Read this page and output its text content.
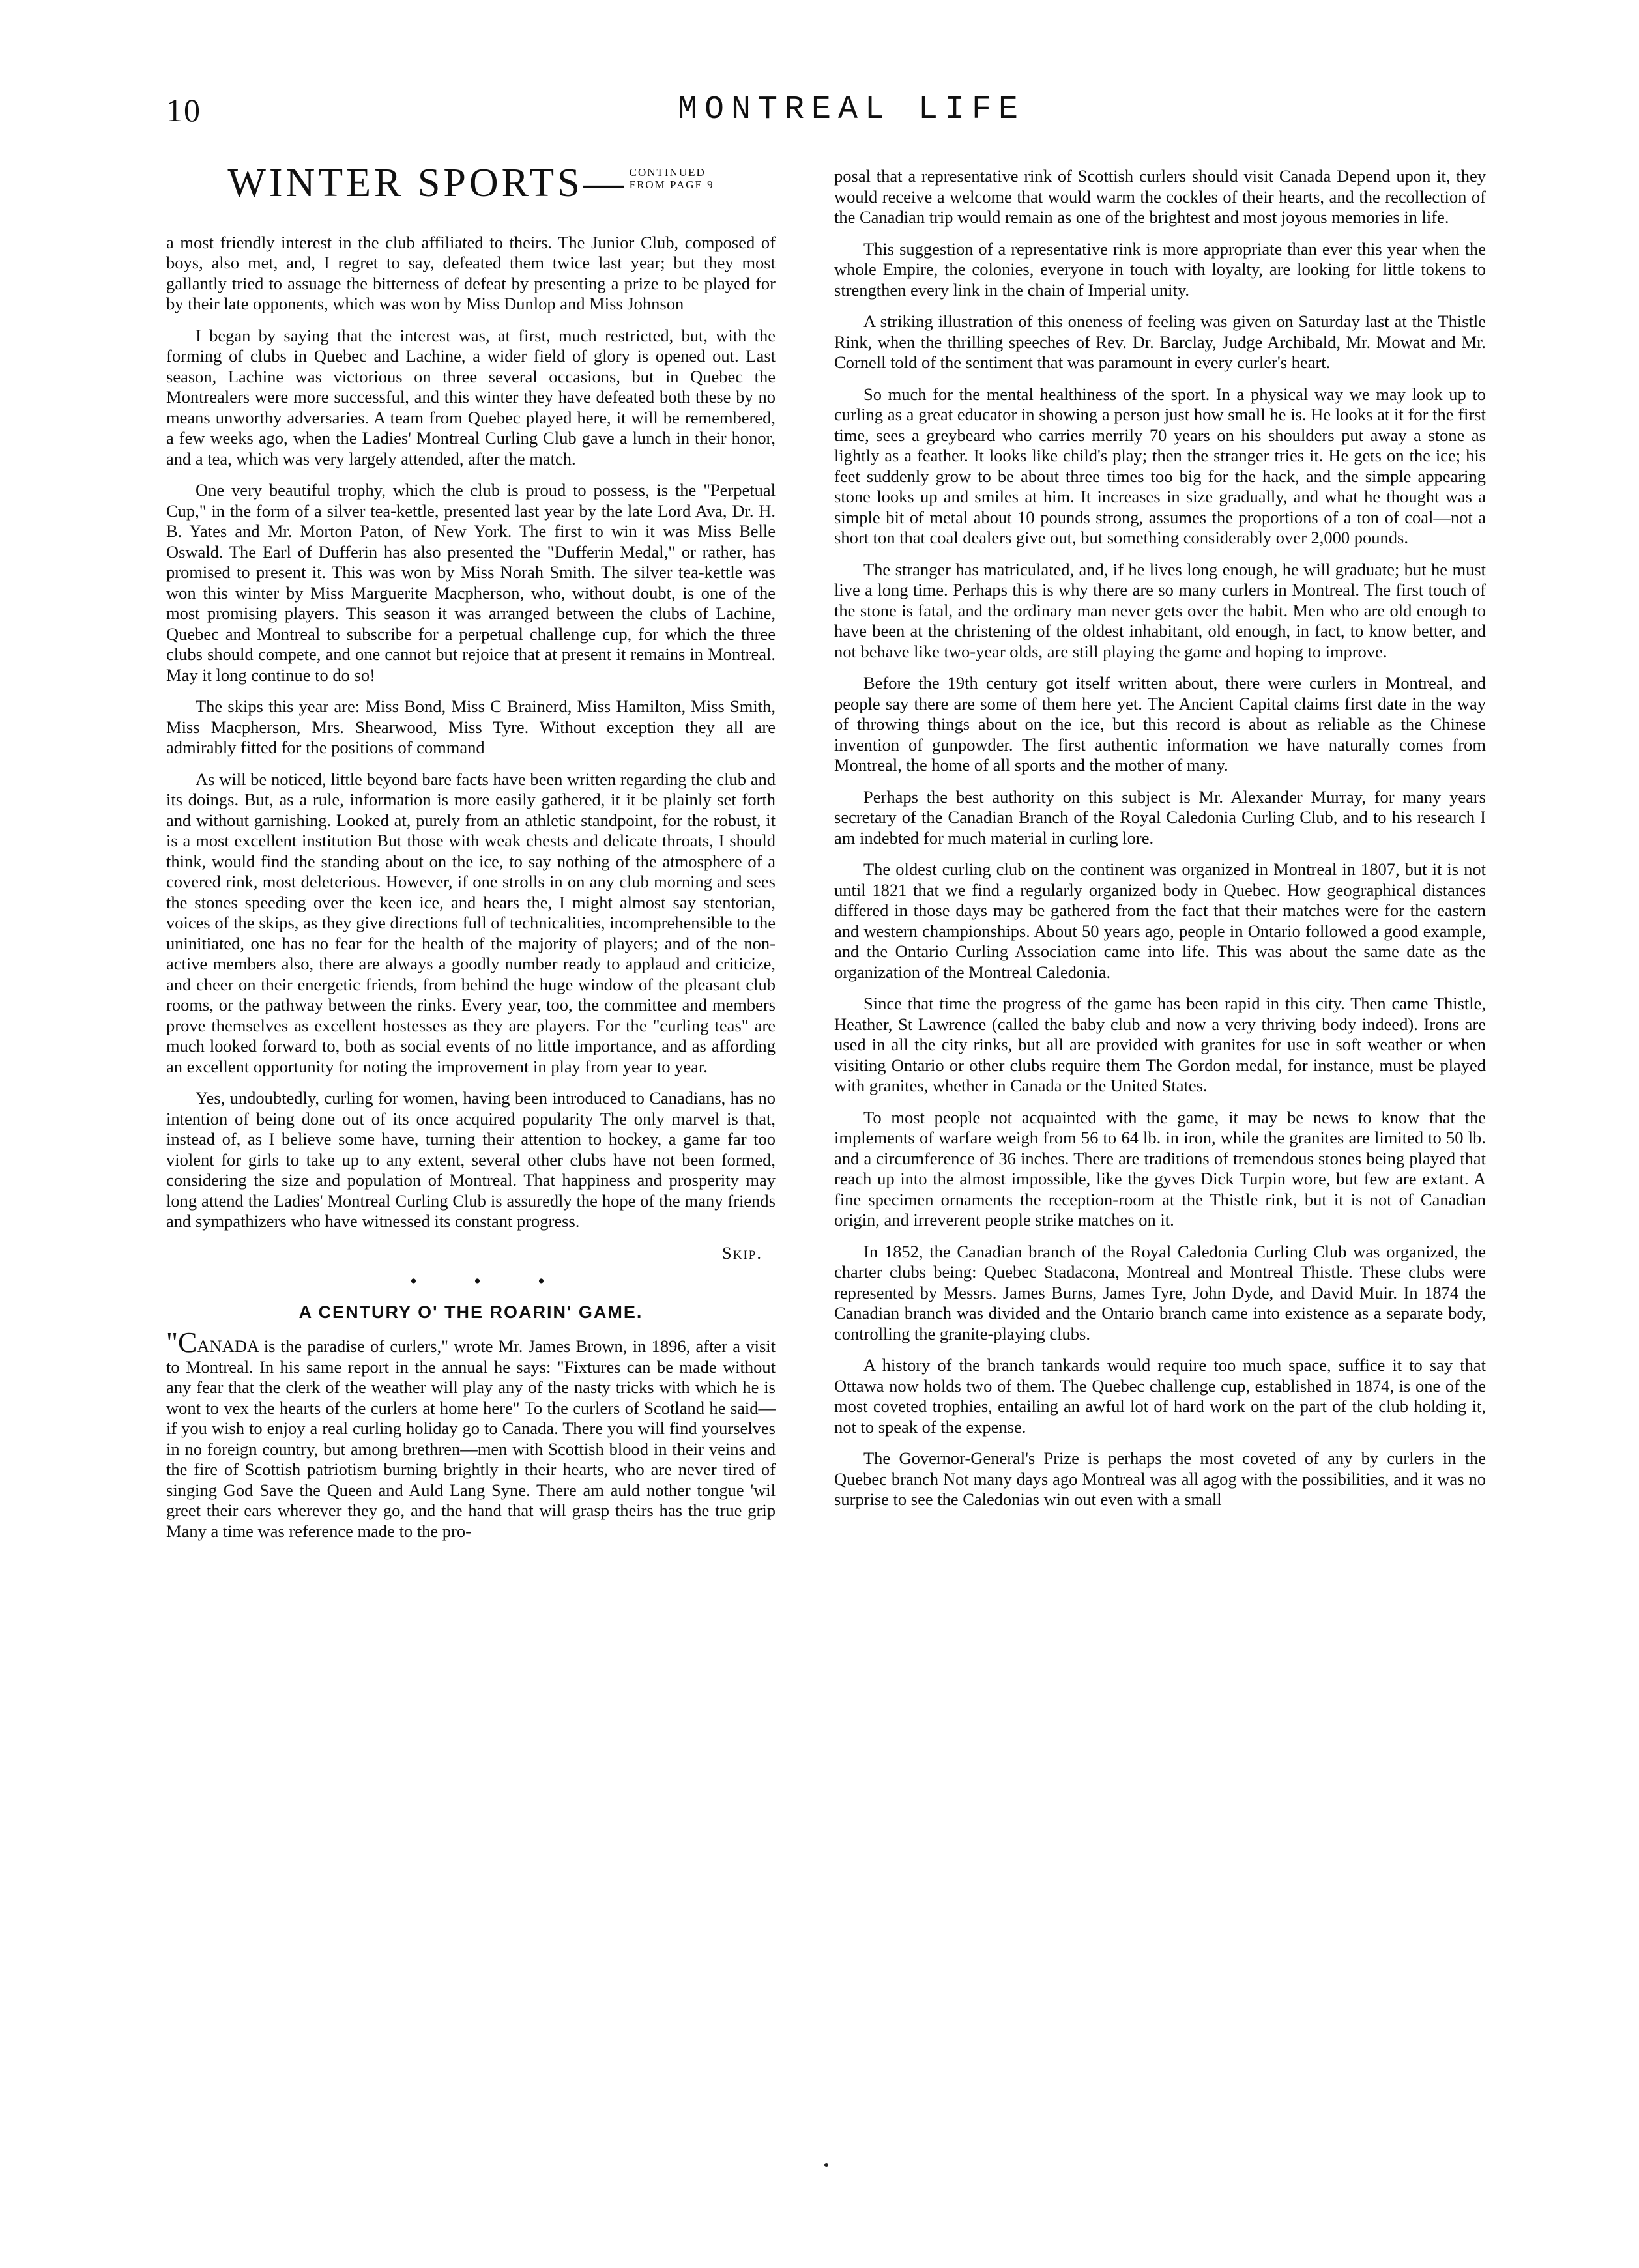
10	MONTREAL LIFE
WINTER SPORTS— CONTINUED
FROM PAGE 9

a most friendly interest in the club affiliated to theirs. The Junior Club, composed of boys, also met, and, I regret to say, defeated them twice last year; but they most gallantly tried to assuage the bitterness of defeat by presenting a prize to be played for by their late opponents, which was won by Miss Dunlop and Miss Johnson

I began by saying that the interest was, at first, much restricted, but, with the forming of clubs in Quebec and Lachine, a wider field of glory is opened out. Last season, Lachine was victorious on three several occasions, but in Quebec the Montrealers were more successful, and this winter they have defeated both these by no means unworthy adversaries. A team from Quebec played here, it will be remembered, a few weeks ago, when the Ladies' Montreal Curling Club gave a lunch in their honor, and a tea, which was very largely attended, after the match.

One very beautiful trophy, which the club is proud to possess, is the "Perpetual Cup," in the form of a silver tea-kettle, presented last year by the late Lord Ava, Dr. H. B. Yates and Mr. Morton Paton, of New York. The first to win it was Miss Belle Oswald. The Earl of Dufferin has also presented the "Dufferin Medal," or rather, has promised to present it. This was won by Miss Norah Smith. The silver tea-kettle was won this winter by Miss Marguerite Macpherson, who, without doubt, is one of the most promising players. This season it was arranged between the clubs of Lachine, Quebec and Montreal to subscribe for a perpetual challenge cup, for which the three clubs should compete, and one cannot but rejoice that at present it remains in Montreal. May it long continue to do so!

The skips this year are: Miss Bond, Miss C Brainerd, Miss Hamilton, Miss Smith, Miss Macpherson, Mrs. Shearwood, Miss Tyre. Without exception they all are admirably fitted for the positions of command

As will be noticed, little beyond bare facts have been written regarding the club and its doings. But, as a rule, information is more easily gathered, it it be plainly set forth and without garnishing. Looked at, purely from an athletic standpoint, for the robust, it is a most excellent institution But those with weak chests and delicate throats, I should think, would find the standing about on the ice, to say nothing of the atmosphere of a covered rink, most deleterious. However, if one strolls in on any club morning and sees the stones speeding over the keen ice, and hears the, I might almost say stentorian, voices of the skips, as they give directions full of technicalities, incomprehensible to the uninitiated, one has no fear for the health of the majority of players; and of the non-active members also, there are always a goodly number ready to applaud and criticize, and cheer on their energetic friends, from behind the huge window of the pleasant club rooms, or the pathway between the rinks. Every year, too, the committee and members prove themselves as excellent hostesses as they are players. For the "curling teas" are much looked forward to, both as social events of no little importance, and as affording an excellent opportunity for noting the improvement in play from year to year.

Yes, undoubtedly, curling for women, having been introduced to Canadians, has no intention of being done out of its once acquired popularity The only marvel is that, instead of, as I believe some have, turning their attention to hockey, a game far too violent for girls to take up to any extent, several other clubs have not been formed, considering the size and population of Montreal. That happiness and prosperity may long attend the Ladies' Montreal Curling Club is assuredly the hope of the many friends and sympathizers who have witnessed its constant progress.

Skip.
• • •
A CENTURY O' THE ROARIN' GAME.

"CANADA is the paradise of curlers," wrote Mr. James Brown, in 1896, after a visit to Montreal. In his same report in the annual he says: "Fixtures can be made without any fear that the clerk of the weather will play any of the nasty tricks with which he is wont to vex the hearts of the curlers at home here" To the curlers of Scotland he said—if you wish to enjoy a real curling holiday go to Canada. There you will find yourselves in no foreign country, but among brethren—men with Scottish blood in their veins and the fire of Scottish patriotism burning brightly in their hearts, who are never tired of singing God Save the Queen and Auld Lang Syne. There am auld nother tongue 'wil greet their ears wherever they go, and the hand that will grasp theirs has the true grip Many a time was reference made to the pro-

posal that a representative rink of Scottish curlers should visit Canada Depend upon it, they would receive a welcome that would warm the cockles of their hearts, and the recollection of the Canadian trip would remain as one of the brightest and most joyous memories in life.

This suggestion of a representative rink is more appropriate than ever this year when the whole Empire, the colonies, everyone in touch with loyalty, are looking for little tokens to strengthen every link in the chain of Imperial unity.

A striking illustration of this oneness of feeling was given on Saturday last at the Thistle Rink, when the thrilling speeches of Rev. Dr. Barclay, Judge Archibald, Mr. Mowat and Mr. Cornell told of the sentiment that was paramount in every curler's heart.

So much for the mental healthiness of the sport. In a physical way we may look up to curling as a great educator in showing a person just how small he is. He looks at it for the first time, sees a greybeard who carries merrily 70 years on his shoulders put away a stone as lightly as a feather. It looks like child's play; then the stranger tries it. He gets on the ice; his feet suddenly grow to be about three times too big for the hack, and the simple appearing stone looks up and smiles at him. It increases in size gradually, and what he thought was a simple bit of metal about 10 pounds strong, assumes the proportions of a ton of coal—not a short ton that coal dealers give out, but something considerably over 2,000 pounds.

The stranger has matriculated, and, if he lives long enough, he will graduate; but he must live a long time. Perhaps this is why there are so many curlers in Montreal. The first touch of the stone is fatal, and the ordinary man never gets over the habit. Men who are old enough to have been at the christening of the oldest inhabitant, old enough, in fact, to know better, and not behave like two-year olds, are still playing the game and hoping to improve.

Before the 19th century got itself written about, there were curlers in Montreal, and people say there are some of them here yet. The Ancient Capital claims first date in the way of throwing things about on the ice, but this record is about as reliable as the Chinese invention of gunpowder. The first authentic information we have naturally comes from Montreal, the home of all sports and the mother of many.

Perhaps the best authority on this subject is Mr. Alexander Murray, for many years secretary of the Canadian Branch of the Royal Caledonia Curling Club, and to his research I am indebted for much material in curling lore.

The oldest curling club on the continent was organized in Montreal in 1807, but it is not until 1821 that we find a regularly organized body in Quebec. How geographical distances differed in those days may be gathered from the fact that their matches were for the eastern and western championships. About 50 years ago, people in Ontario followed a good example, and the Ontario Curling Association came into life. This was about the same date as the organization of the Montreal Caledonia.

Since that time the progress of the game has been rapid in this city. Then came Thistle, Heather, St Lawrence (called the baby club and now a very thriving body indeed). Irons are used in all the city rinks, but all are provided with granites for use in soft weather or when visiting Ontario or other clubs require them The Gordon medal, for instance, must be played with granites, whether in Canada or the United States.

To most people not acquainted with the game, it may be news to know that the implements of warfare weigh from 56 to 64 lb. in iron, while the granites are limited to 50 lb. and a circumference of 36 inches. There are traditions of tremendous stones being played that reach up into the almost impossible, like the gyves Dick Turpin wore, but few are extant. A fine specimen ornaments the reception-room at the Thistle rink, but it is not of Canadian origin, and irreverent people strike matches on it.

In 1852, the Canadian branch of the Royal Caledonia Curling Club was organized, the charter clubs being: Quebec Stadacona, Montreal and Montreal Thistle. These clubs were represented by Messrs. James Burns, James Tyre, John Dyde, and David Muir. In 1874 the Canadian branch was divided and the Ontario branch came into existence as a separate body, controlling the granite-playing clubs.

A history of the branch tankards would require too much space, suffice it to say that Ottawa now holds two of them. The Quebec challenge cup, established in 1874, is one of the most coveted trophies, entailing an awful lot of hard work on the part of the club holding it, not to speak of the expense.

The Governor-General's Prize is perhaps the most coveted of any by curlers in the Quebec branch Not many days ago Montreal was all agog with the possibilities, and it was no surprise to see the Caledonias win out even with a small
